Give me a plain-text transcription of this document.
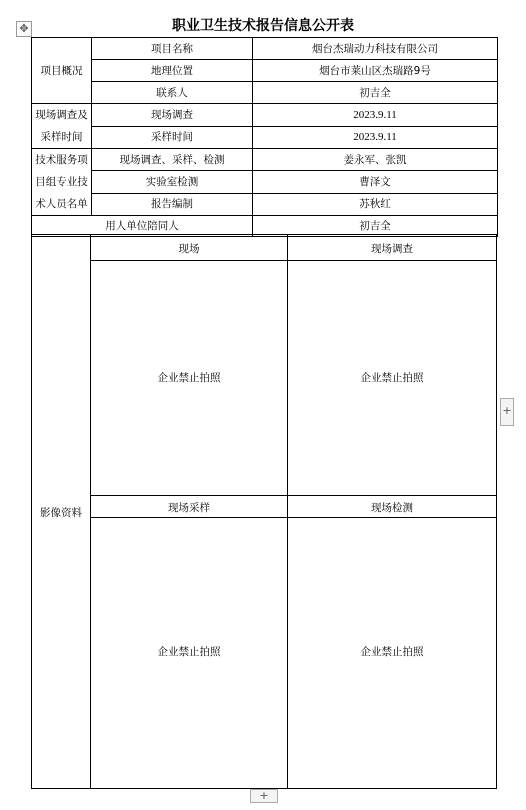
✥	职业卫生技术报告信息公开表
项目概况	项目名称	烟台杰瑞动力科技有限公司
	地理位置	烟台市莱山区杰瑞路9号
	联系人	初吉全

现场调查及
采样时间	现场调查	2023.9.11
	采样时间	2023.9.11

技术服务项
目组专业技
术人员名单	现场调查、采样、检测	姜永军、张凯
	实验室检测	曹泽文
	报告编制	苏秋红
用人单位陪同人		初吉全
影像资料
现场	现场调查
企业禁止拍照	企业禁止拍照
现场采样	现场检测
企业禁止拍照	企业禁止拍照
+
+
